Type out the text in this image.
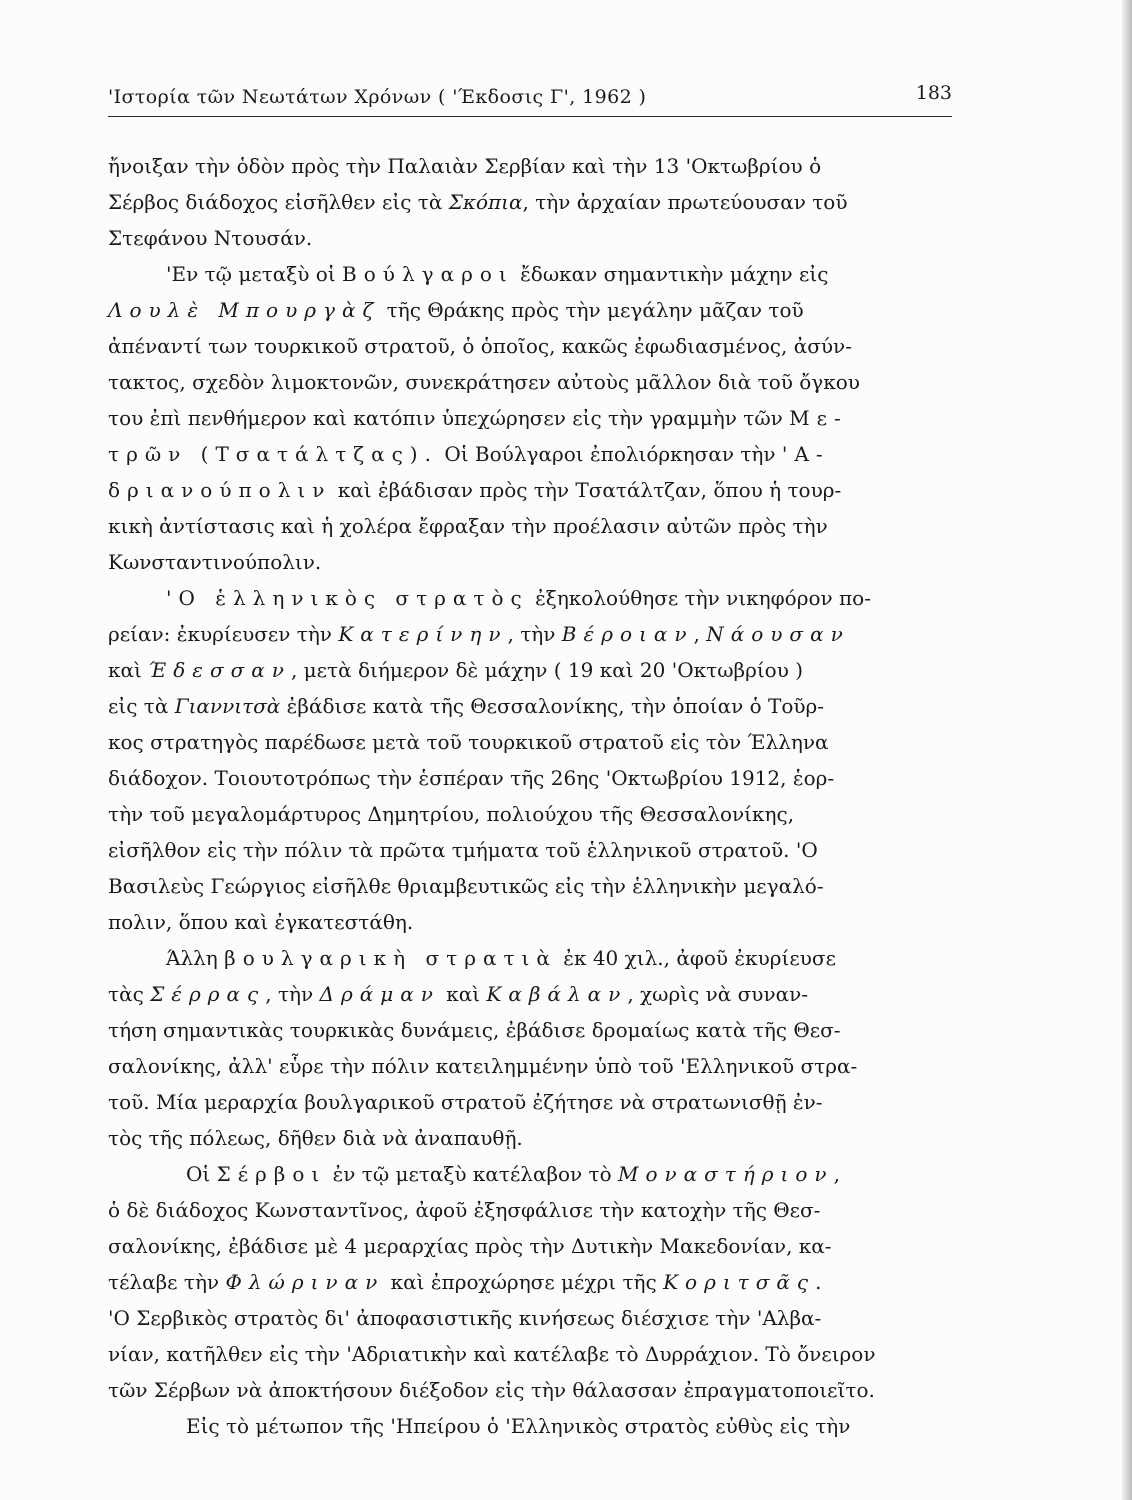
'Ιστορία τῶν Νεωτάτων Χρόνων ( 'Έκδοσις Γ', 1962 )	183
ἤνοιξαν τὴν ὁδὸν πρὸς τὴν Παλαιὰν Σερβίαν καὶ τὴν 13 'Οκτωβρίου ὁ
Σέρβος διάδοχος εἰσῆλθεν εἰς τὰ Σκόπια, τὴν ἀρχαίαν πρωτεύουσαν τοῦ
Στεφάνου Ντουσάν.
'Εν τῷ μεταξὺ οἱ Βούλγαροι ἔδωκαν σημαντικὴν μάχην εἰς
Λουλὲ Μπουργὰζ τῆς Θράκης πρὸς τὴν μεγάλην μᾶζαν τοῦ
ἀπέναντί των τουρκικοῦ στρατοῦ, ὁ ὁποῖος, κακῶς ἐφωδιασμένος, ἀσύν-
τακτος, σχεδὸν λιμοκτονῶν, συνεκράτησεν αὐτοὺς μᾶλλον διὰ τοῦ ὄγκου
του ἐπὶ πενθήμερον καὶ κατόπιν ὑπεχώρησεν εἰς τὴν γραμμὴν τῶν Με-
τρῶν (Τσατάλτζας). Οἱ Βούλγαροι ἐπολιόρκησαν τὴν 'Α-
δριανούπολιν καὶ ἐβάδισαν πρὸς τὴν Τσατάλτζαν, ὅπου ἡ τουρ-
κικὴ ἀντίστασις καὶ ἡ χολέρα ἔφραξαν τὴν προέλασιν αὐτῶν πρὸς τὴν
Κωνσταντινούπολιν.
'Ο ἑλληνικὸς στρατὸς ἐξηκολούθησε τὴν νικηφόρον πο-
ρείαν: ἐκυρίευσεν τὴν Κατερίνην, τὴν Βέροιαν, Νάουσαν
καὶ Έδεσσαν, μετὰ διήμερον δὲ μάχην ( 19 καὶ 20 'Οκτωβρίου )
εἰς τὰ Γιαννιτσὰ ἐβάδισε κατὰ τῆς Θεσσαλονίκης, τὴν ὁποίαν ὁ Τοῦρ-
κος στρατηγὸς παρέδωσε μετὰ τοῦ τουρκικοῦ στρατοῦ εἰς τὸν Έλληνα
διάδοχον. Τοιουτοτρόπως τὴν ἑσπέραν τῆς 26ης 'Οκτωβρίου 1912, ἑορ-
τὴν τοῦ μεγαλομάρτυρος Δημητρίου, πολιούχου τῆς Θεσσαλονίκης,
εἰσῆλθον εἰς τὴν πόλιν τὰ πρῶτα τμήματα τοῦ ἑλληνικοῦ στρατοῦ. 'Ο
Βασιλεὺς Γεώργιος εἰσῆλθε θριαμβευτικῶς εἰς τὴν ἑλληνικὴν μεγαλό-
πολιν, ὅπου καὶ ἐγκατεστάθη.
Άλλη βουλγαρικὴ στρατιὰ ἐκ 40 χιλ., ἀφοῦ ἐκυρίευσε
τὰς Σέρρας, τὴν Δράμαν καὶ Καβάλαν, χωρὶς νὰ συναν-
τήση σημαντικὰς τουρκικὰς δυνάμεις, ἐβάδισε δρομαίως κατὰ τῆς Θεσ-
σαλονίκης, ἀλλ' εὗρε τὴν πόλιν κατειλημμένην ὑπὸ τοῦ 'Ελληνικοῦ στρα-
τοῦ. Μία μεραρχία βουλγαρικοῦ στρατοῦ ἐζήτησε νὰ στρατωνισθῇ ἐν-
τὸς τῆς πόλεως, δῆθεν διὰ νὰ ἀναπαυθῇ.
Οἱ Σέρβοι ἐν τῷ μεταξὺ κατέλαβον τὸ Μοναστήριον,
ὁ δὲ διάδοχος Κωνσταντῖνος, ἀφοῦ ἐξησφάλισε τὴν κατοχὴν τῆς Θεσ-
σαλονίκης, ἐβάδισε μὲ 4 μεραρχίας πρὸς τὴν Δυτικὴν Μακεδονίαν, κα-
τέλαβε τὴν Φλώριναν καὶ ἐπροχώρησε μέχρι τῆς Κοριτσᾶς.
'Ο Σερβικὸς στρατὸς δι' ἀποφασιστικῆς κινήσεως διέσχισε τὴν 'Αλβα-
νίαν, κατῆλθεν εἰς τὴν 'Αδριατικὴν καὶ κατέλαβε τὸ Δυρράχιον. Τὸ ὄνειρον
τῶν Σέρβων νὰ ἀποκτήσουν διέξοδον εἰς τὴν θάλασσαν ἐπραγματοποιεῖτο.
Εἰς τὸ μέτωπον τῆς 'Ηπείρου ὁ 'Ελληνικὸς στρατὸς εὐθὺς εἰς τὴν
